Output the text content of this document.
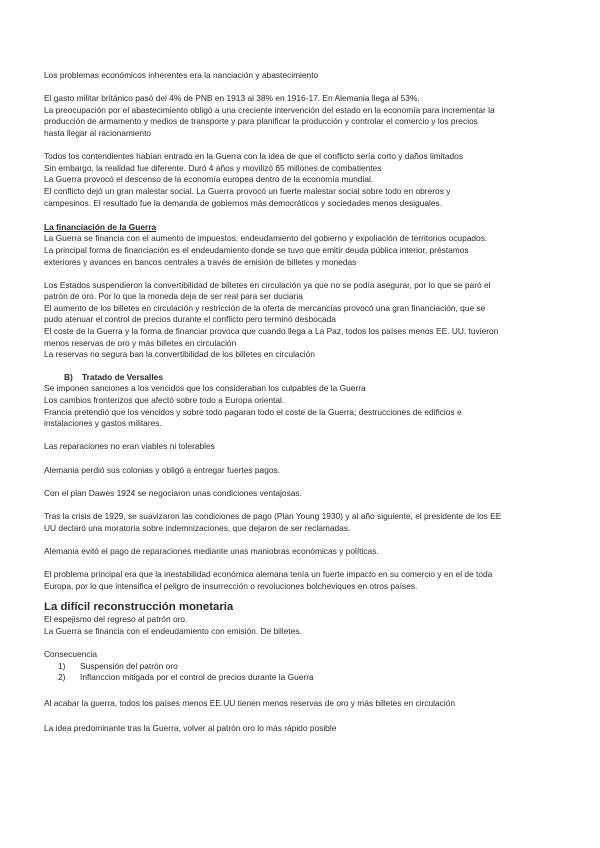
Los problemas económicos inherentes era la nanciación y abastecimiento

El gasto militar británico pasó del 4% de PNB en 1913 al 38% en 1916-17. En Alemania llega al 53%.

La preocupación por el abastecimiento obligó a una creciente intervención del estado en la economía para incrementar la

producción de armamento y medios de transporte y para planificar la producción y controlar el comercio y los precios

hasta llegar al racionamiento

Todos los contendientes habían entrado en la Guerra con la idea de que el conflicto sería corto y daños limitados

Sin embargo, la realidad fue diferente. Duró 4 años y movilizó 65 millones de combatientes

La Guerra provocó el descenso de la economía europea dentro de la economía mundial.

El conflicto dejó un gran malestar social. La Guerra provocó un fuerte malestar social sobre todo en obreros y

campesinos. El resultado fue la demanda de gobiernos más democráticos y sociedades menos desiguales.

La financiación de la Guerra

La Guerra se financia con el aumento de impuestos, endeudamiento del gobierno y expoliación de territorios ocupados.

La principal forma de financiación es el endeudamiento donde se tuvo que emitir deuda pública interior, préstamos

exteriores y avances en bancos centrales a través de emisión de billetes y monedas

Los Estados suspendieron la convertibilidad de billetes en circulación ya que no se podía asegurar, por lo que se paró el

patrón de oro. Por lo que la moneda deja de ser real para ser duciaria

El aumento de los billetes en circulación y restricción de la oferta de mercancías provocó una gran financiación, que se

pudo atenuar el control de precios durante el conflicto pero terminó desbocada

El coste de la Guerra y la forma de financiar provoca que cuando llega a La Paz, todos los países menos EE. UU. tuvieron

menos reservas de oro y más billetes en circulación

La reservas no segura ban la convertibilidad de los billetes en circulación

B) Tratado de Versalles

Se imponen sanciones a los vencidos que los consideraban los culpables de la Guerra

Los cambios fronterizos que afectó sobre todo a Europa oriental.

Francia pretendió que los vencidos y sobre todo pagaran todo el coste de la Guerra; destrucciones de edificios e

instalaciones y gastos militares.

Las reparaciones no eran viables ni tolerables

Alemania perdió sus colonias y obligó a entregar fuertes pagos.

Con el plan Dawes 1924 se negociaron unas condiciones ventajosas.

Tras la crisis de 1929, se suavizaron las condiciones de pago (Plan Young 1930) y al año siguiente, el presidente de los EE

UU declaró una moratoria sobre indemnizaciones, que dejaron de ser reclamadas.

Alemania evitó el pago de reparaciones mediante unas maniobras económicas y políticas.

El problema principal era que la inestabilidad económica alemana tenía un fuerte impacto en su comercio y en el de toda

Europa, por lo que intensifica el peligro de insurrección o revoluciones bolcheviques en otros países.

La difícil reconstrucción monetaria

El espejismo del regreso al patrón oro.

La Guerra se financia con el endeudamiento con emisión. De billetes.

Consecuencia

1) Suspensión del patrón oro
2) Inflanccion mitigada por el control de precios durante la Guerra

Al acabar la guerra, todos los países menos EE.UU tienen menos reservas de oro y más billetes en circulación

La idea predominante tras la Guerra, volver al patrón oro lo más rápido posible
